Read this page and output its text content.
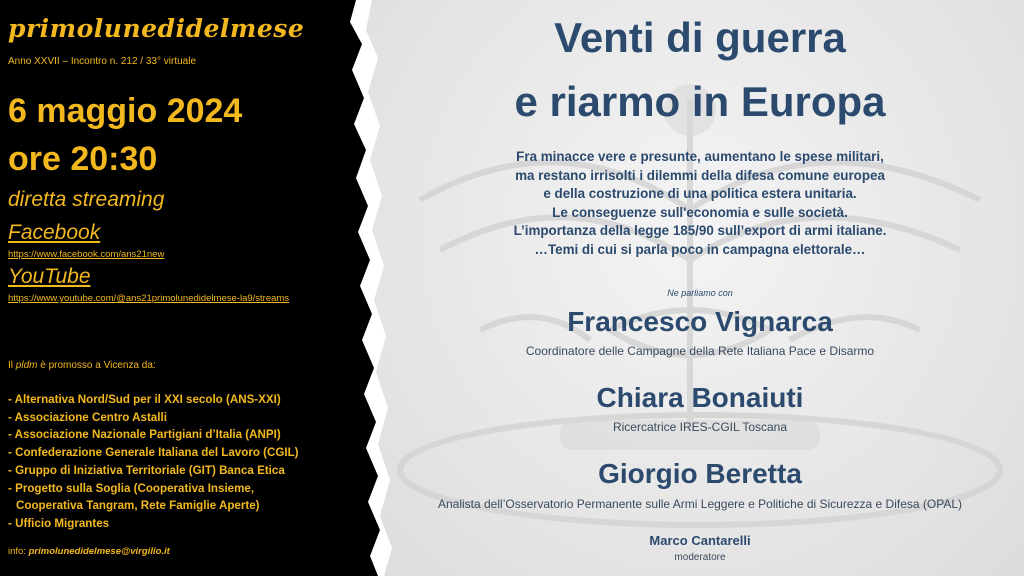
Venti di guerra
e riarmo in Europa
Fra minacce vere e presunte, aumentano le spese militari,
ma restano irrisolti i dilemmi della difesa comune europea
e della costruzione di una politica estera unitaria.
Le conseguenze sull'economia e sulle società.
L’importanza della legge 185/90 sull’export di armi italiane.
…Temi di cui si parla poco in campagna elettorale…
Ne parliamo con
Francesco Vignarca
Coordinatore delle Campagne della Rete Italiana Pace e Disarmo
Chiara Bonaiuti
Ricercatrice IRES-CGIL Toscana
Giorgio Beretta
Analista dell’Osservatorio Permanente sulle Armi Leggere e Politiche di Sicurezza e Difesa (OPAL)
Marco Cantarelli
moderatore
primolunedidelmese
Anno XXVII – Incontro n. 212 / 33° virtuale
6 maggio 2024
ore 20:30
diretta streaming
Facebook
https://www.facebook.com/ans21new
YouTube
https://www.youtube.com/@ans21primolunedidelmese-la9/streams
Il pldm è promosso a Vicenza da:
- Alternativa Nord/Sud per il XXI secolo (ANS-XXI)
- Associazione Centro Astalli
- Associazione Nazionale Partigiani d’Italia (ANPI)
- Confederazione Generale Italiana del Lavoro (CGIL)
- Gruppo di Iniziativa Territoriale (GIT) Banca Etica
- Progetto sulla Soglia (Cooperativa Insieme,
Cooperativa Tangram, Rete Famiglie Aperte)
- Ufficio Migrantes
info: primolunedidelmese@virgilio.it
